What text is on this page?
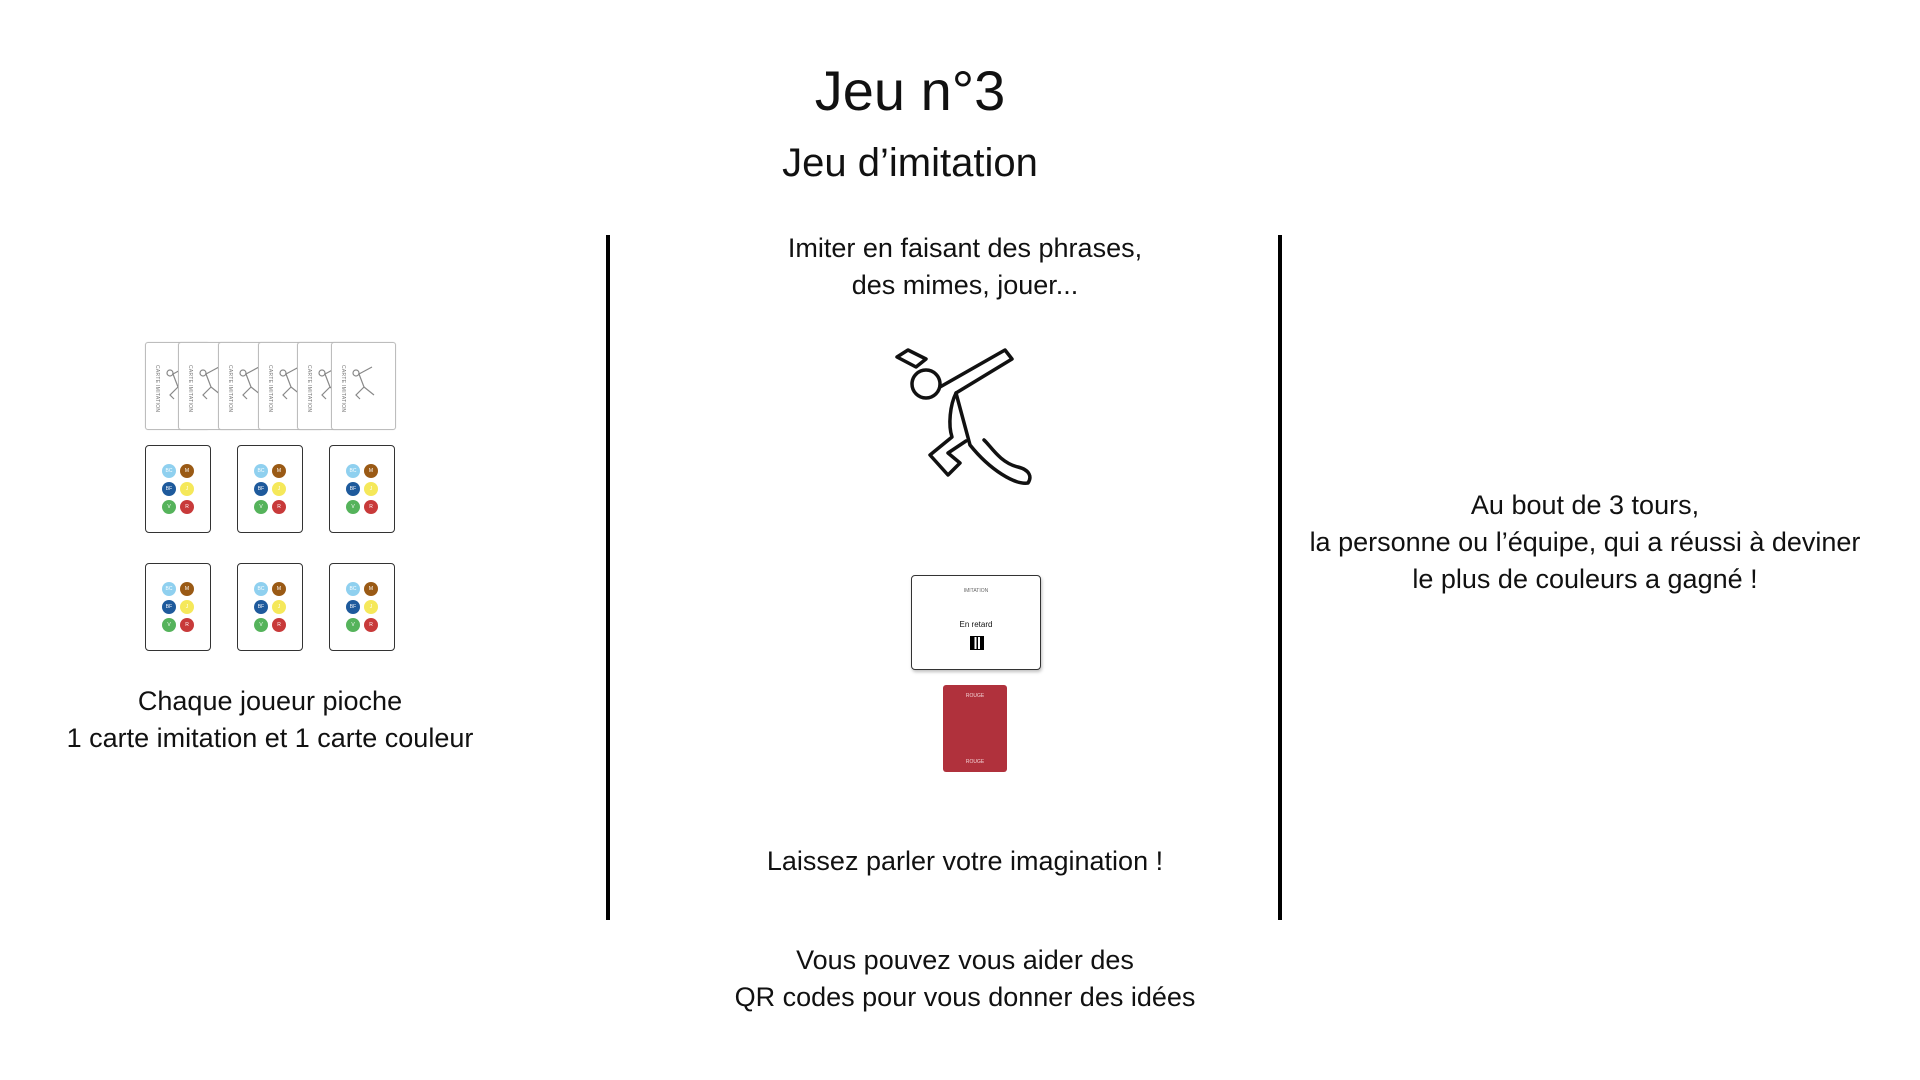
Jeu n°3
Jeu d’imitation
CARTE IMITATION	CARTE IMITATION	CARTE IMITATION	CARTE IMITATION	CARTE IMITATION	CARTE IMITATION
BC	M
BF	J
V	R
BC	M
BF	J
V	R
BC	M
BF	J
V	R
BC	M
BF	J
V	R
BC	M
BF	J
V	R
BC	M
BF	J
V	R
Chaque joueur pioche
1 carte imitation et 1 carte couleur
Imiter en faisant des phrases,
des mimes, jouer...
IMITATION
En retard
ROUGE
ROUGE
Laissez parler votre imagination !
Vous pouvez vous aider des
QR codes pour vous donner des idées
Au bout de 3 tours,
la personne ou l’équipe, qui a réussi à deviner
le plus de couleurs a gagné !
